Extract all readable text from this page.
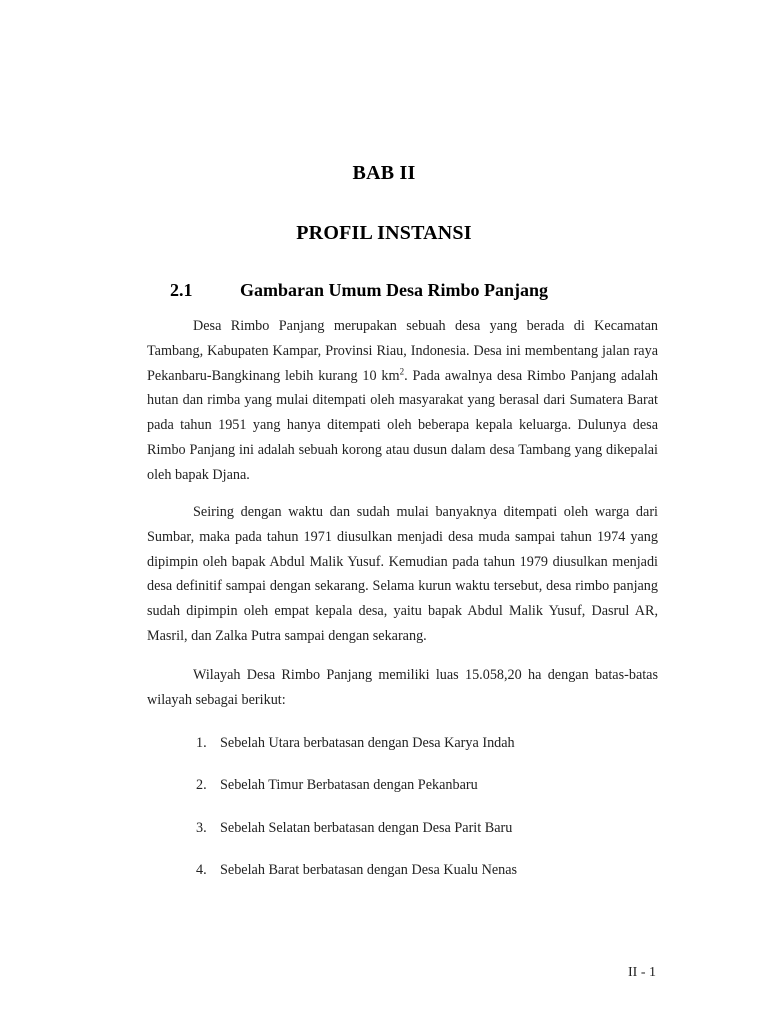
BAB II
PROFIL INSTANSI
2.1	Gambaran Umum Desa Rimbo Panjang

Desa Rimbo Panjang merupakan sebuah desa yang berada di Kecamatan Tambang, Kabupaten Kampar, Provinsi Riau, Indonesia. Desa ini membentang jalan raya Pekanbaru-Bangkinang lebih kurang 10 $km^2$. Pada awalnya desa Rimbo Panjang adalah hutan dan rimba yang mulai ditempati oleh masyarakat yang berasal dari Sumatera Barat pada tahun 1951 yang hanya ditempati oleh beberapa kepala keluarga. Dulunya desa Rimbo Panjang ini adalah sebuah korong atau dusun dalam desa Tambang yang dikepalai oleh bapak Djana.

Seiring dengan waktu dan sudah mulai banyaknya ditempati oleh warga dari Sumbar, maka pada tahun 1971 diusulkan menjadi desa muda sampai tahun 1974 yang dipimpin oleh bapak Abdul Malik Yusuf. Kemudian pada tahun 1979 diusulkan menjadi desa definitif sampai dengan sekarang. Selama kurun waktu tersebut, desa rimbo panjang sudah dipimpin oleh empat kepala desa, yaitu bapak Abdul Malik Yusuf, Dasrul AR, Masril, dan Zalka Putra sampai dengan sekarang.

Wilayah Desa Rimbo Panjang memiliki luas 15.058,20 ha dengan batas-batas wilayah sebagai berikut:

1. Sebelah Utara berbatasan dengan Desa Karya Indah
2. Sebelah Timur Berbatasan dengan Pekanbaru
3. Sebelah Selatan berbatasan dengan Desa Parit Baru
4. Sebelah Barat berbatasan dengan Desa Kualu Nenas
II - 1
